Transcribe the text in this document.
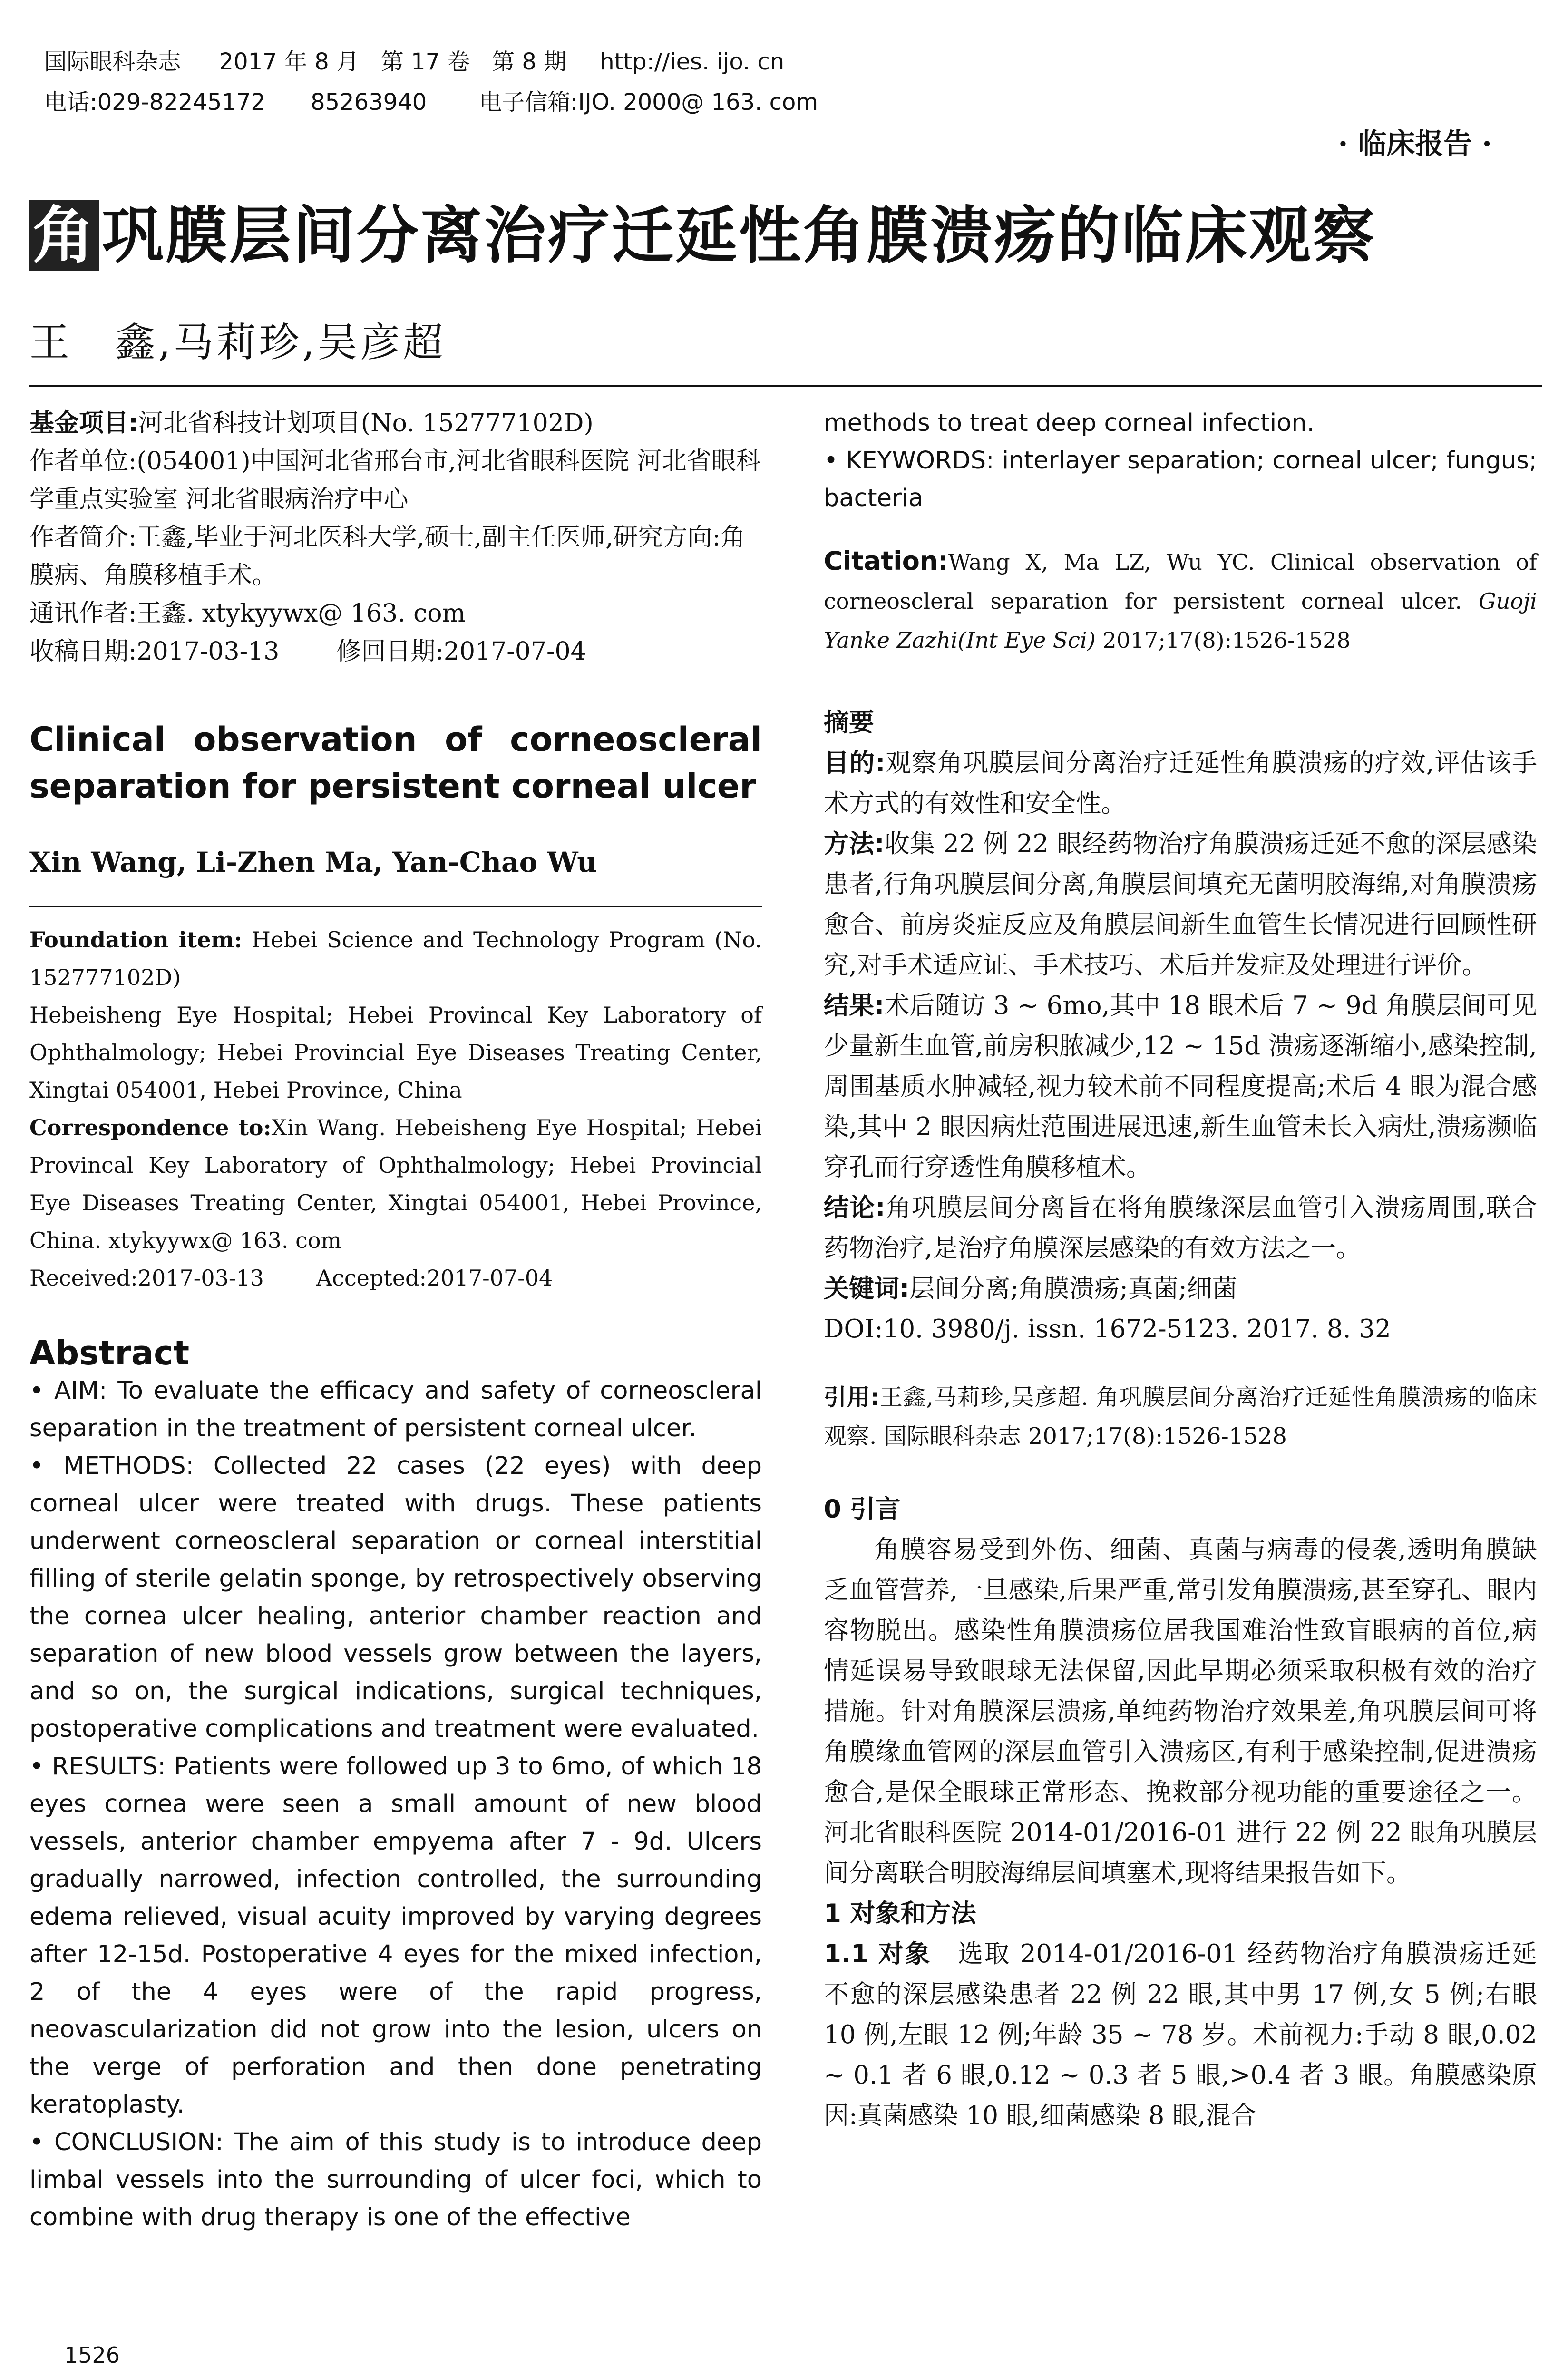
国际眼科杂志 2017 年 8 月   第 17 卷   第 8 期 http://ies. ijo. cn

电话:029-82245172 85263940 电子信箱:IJO. 2000@ 163. com

· 临床报告 ·
角巩膜层间分离治疗迁延性角膜溃疡的临床观察
王　鑫,马莉珍,吴彦超
基金项目:河北省科技计划项目(No. 152777102D)
作者单位:(054001)中国河北省邢台市,河北省眼科医院 河北省眼科学重点实验室 河北省眼病治疗中心
作者简介:王鑫,毕业于河北医科大学,硕士,副主任医师,研究方向:角膜病、角膜移植手术。
通讯作者:王鑫. xtykyywx@ 163. com
收稿日期:2017-03-13 修回日期:2017-07-04
Clinical observation of corneoscleral separation for persistent corneal ulcer
Xin Wang, Li-Zhen Ma, Yan-Chao Wu
Foundation item: Hebei Science and Technology Program (No. 152777102D)
Hebeisheng Eye Hospital; Hebei Provincal Key Laboratory of Ophthalmology; Hebei Provincial Eye Diseases Treating Center, Xingtai 054001, Hebei Province, China
Correspondence to:Xin Wang. Hebeisheng Eye Hospital; Hebei Provincal Key Laboratory of Ophthalmology; Hebei Provincial Eye Diseases Treating Center, Xingtai 054001, Hebei Province, China. xtykyywx@ 163. com
Received:2017-03-13 Accepted:2017-07-04
Abstract

• AIM: To evaluate the efficacy and safety of corneoscleral separation in the treatment of persistent corneal ulcer.

• METHODS: Collected 22 cases (22 eyes) with deep corneal ulcer were treated with drugs. These patients underwent corneoscleral separation or corneal interstitial filling of sterile gelatin sponge, by retrospectively observing the cornea ulcer healing, anterior chamber reaction and separation of new blood vessels grow between the layers, and so on, the surgical indications, surgical techniques, postoperative complications and treatment were evaluated.

• RESULTS: Patients were followed up 3 to 6mo, of which 18 eyes cornea were seen a small amount of new blood vessels, anterior chamber empyema after 7 - 9d. Ulcers gradually narrowed, infection controlled, the surrounding edema relieved, visual acuity improved by varying degrees after 12-15d. Postoperative 4 eyes for the mixed infection, 2 of the 4 eyes were of the rapid progress, neovascularization did not grow into the lesion, ulcers on the verge of perforation and then done penetrating keratoplasty.

• CONCLUSION: The aim of this study is to introduce deep limbal vessels into the surrounding of ulcer foci, which to combine with drug therapy is one of the effective

methods to treat deep corneal infection.

• KEYWORDS: interlayer separation; corneal ulcer; fungus; bacteria

Citation:Wang X, Ma LZ, Wu YC. Clinical observation of corneoscleral separation for persistent corneal ulcer. Guoji Yanke Zazhi(Int Eye Sci) 2017;17(8):1526-1528

摘要

目的:观察角巩膜层间分离治疗迁延性角膜溃疡的疗效,评估该手术方式的有效性和安全性。

方法:收集 22 例 22 眼经药物治疗角膜溃疡迁延不愈的深层感染患者,行角巩膜层间分离,角膜层间填充无菌明胶海绵,对角膜溃疡愈合、前房炎症反应及角膜层间新生血管生长情况进行回顾性研究,对手术适应证、手术技巧、术后并发症及处理进行评价。

结果:术后随访 3 ~ 6mo,其中 18 眼术后 7 ~ 9d 角膜层间可见少量新生血管,前房积脓减少,12 ~ 15d 溃疡逐渐缩小,感染控制,周围基质水肿减轻,视力较术前不同程度提高;术后 4 眼为混合感染,其中 2 眼因病灶范围进展迅速,新生血管未长入病灶,溃疡濒临穿孔而行穿透性角膜移植术。

结论:角巩膜层间分离旨在将角膜缘深层血管引入溃疡周围,联合药物治疗,是治疗角膜深层感染的有效方法之一。

关键词:层间分离;角膜溃疡;真菌;细菌

DOI:10. 3980/j. issn. 1672-5123. 2017. 8. 32

引用:王鑫,马莉珍,吴彦超. 角巩膜层间分离治疗迁延性角膜溃疡的临床观察. 国际眼科杂志 2017;17(8):1526-1528

0 引言

角膜容易受到外伤、细菌、真菌与病毒的侵袭,透明角膜缺乏血管营养,一旦感染,后果严重,常引发角膜溃疡,甚至穿孔、眼内容物脱出。感染性角膜溃疡位居我国难治性致盲眼病的首位,病情延误易导致眼球无法保留,因此早期必须采取积极有效的治疗措施。针对角膜深层溃疡,单纯药物治疗效果差,角巩膜层间可将角膜缘血管网的深层血管引入溃疡区,有利于感染控制,促进溃疡愈合,是保全眼球正常形态、挽救部分视功能的重要途径之一。河北省眼科医院 2014-01/2016-01 进行 22 例 22 眼角巩膜层间分离联合明胶海绵层间填塞术,现将结果报告如下。

1 对象和方法

1.1 对象　 选取 2014-01/2016-01 经药物治疗角膜溃疡迁延不愈的深层感染患者 22 例 22 眼,其中男 17 例,女 5 例;右眼 10 例,左眼 12 例;年龄 35 ~ 78 岁。术前视力:手动 8 眼,0.02 ~ 0.1 者 6 眼,0.12 ~ 0.3 者 5 眼,>0.4 者 3 眼。角膜感染原因:真菌感染 10 眼,细菌感染 8 眼,混合

1526
